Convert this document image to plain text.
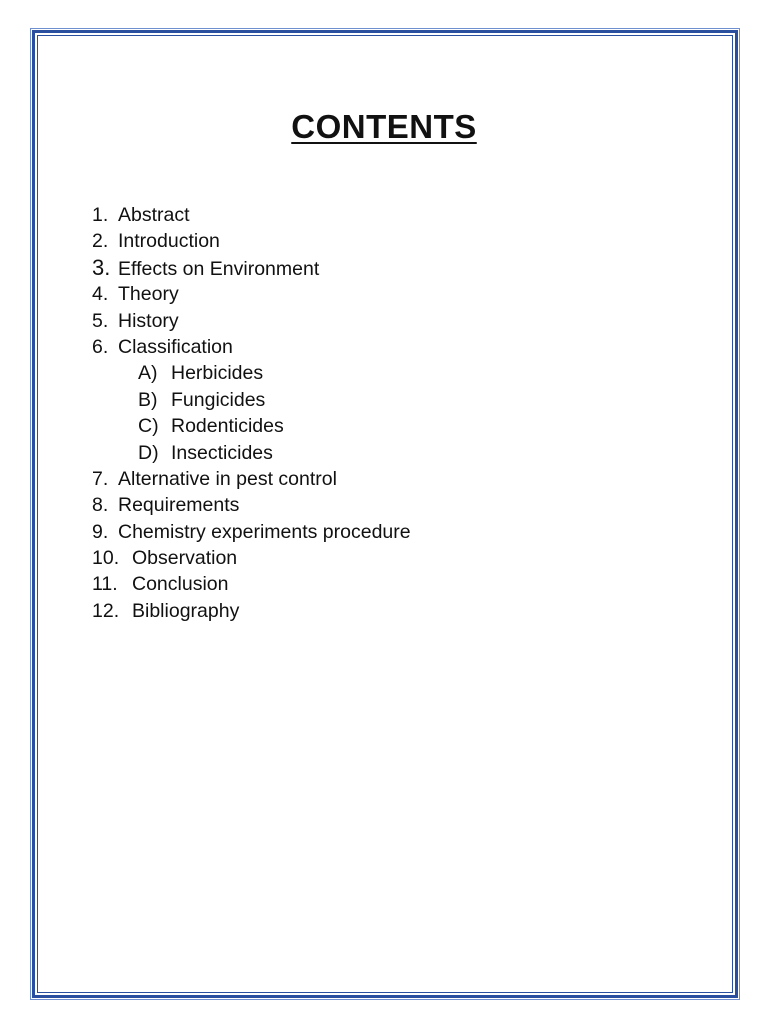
CONTENTS
1. Abstract
2. Introduction
3. Effects on Environment
4. Theory
5. History
6. Classification
A) Herbicides
B) Fungicides
C) Rodenticides
D) Insecticides
7. Alternative in pest control
8. Requirements
9. Chemistry experiments procedure
10. Observation
11. Conclusion
12. Bibliography
